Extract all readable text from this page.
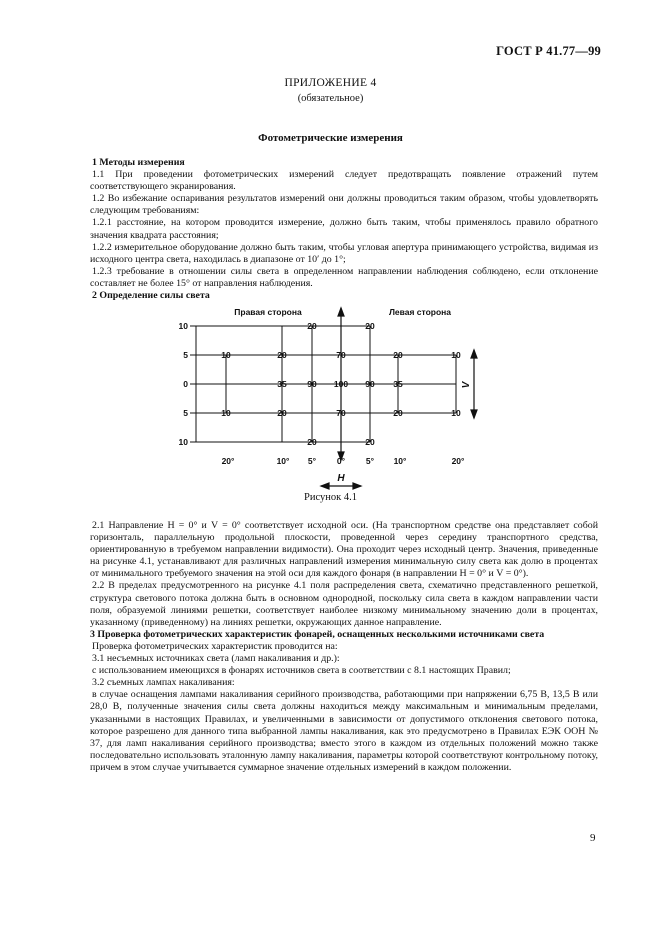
ГОСТ Р 41.77—99
ПРИЛОЖЕНИЕ 4
(обязательное)
Фотометрические измерения

1 Методы измерения

1.1 При проведении фотометрических измерений следует предотвращать появление отражений путем соответствующего экранирования.

1.2 Во избежание оспаривания результатов измерений они должны проводиться таким образом, чтобы удовлетворять следующим требованиям:

1.2.1 расстояние, на котором проводится измерение, должно быть таким, чтобы применялось правило обратного значения квадрата расстояния;

1.2.2 измерительное оборудование должно быть таким, чтобы угловая апертура принимающего устройства, видимая из исходного центра света, находилась в диапазоне от 10′ до 1°;

1.2.3 требование в отношении силы света в определенном направлении наблюдения соблюдено, если отклонение составляет не более 15° от направления наблюдения.

2 Определение силы света

Правая сторона	Левая сторона
10
5
0
5
10
20	20
10	20	70	20	10
35 90 100 90 35
10	20	70	20	10
20	20
20°	10° 5° 0° 5° 10°	20°
H
V
Рисунок 4.1

2.1 Направление H = 0° и V = 0° соответствует исходной оси. (На транспортном средстве она представляет собой горизонталь, параллельную продольной плоскости, проведенной через середину транспортного средства, ориентированную в требуемом направлении видимости). Она проходит через исходный центр. Значения, приведенные на рисунке 4.1, устанавливают для различных направлений измерения минимальную силу света как долю в процентах от минимального требуемого значения на этой оси для каждого фонаря (в направлении H = 0° и V = 0°).

2.2 В пределах предусмотренного на рисунке 4.1 поля распределения света, схематично представленного решеткой, структура светового потока должна быть в основном однородной, поскольку сила света в каждом направлении части поля, образуемой линиями решетки, соответствует наиболее низкому минимальному значению доли в процентах, указанному (приведенному) на линиях решетки, окружающих данное направление.

3 Проверка фотометрических характеристик фонарей, оснащенных несколькими источниками света

Проверка фотометрических характеристик проводится на:

3.1 несъемных источниках света (ламп накаливания и др.):

с использованием имеющихся в фонарях источников света в соответствии с 8.1 настоящих Правил;

3.2 съемных лампах накаливания:

в случае оснащения лампами накаливания серийного производства, работающими при напряжении 6,75 В, 13,5 В или 28,0 В, полученные значения силы света должны находиться между максимальным и минимальным пределами, указанными в настоящих Правилах, и увеличенными в зависимости от допустимого отклонения светового потока, которое разрешено для данного типа выбранной лампы накаливания, как это предусмотрено в Правилах ЕЭК ООН № 37, для ламп накаливания серийного производства; вместо этого в каждом из отдельных положений можно также последовательно использовать эталонную лампу накаливания, параметры которой соответствуют контрольному потоку, причем в этом случае учитывается суммарное значение отдельных измерений в каждом положении.

9
